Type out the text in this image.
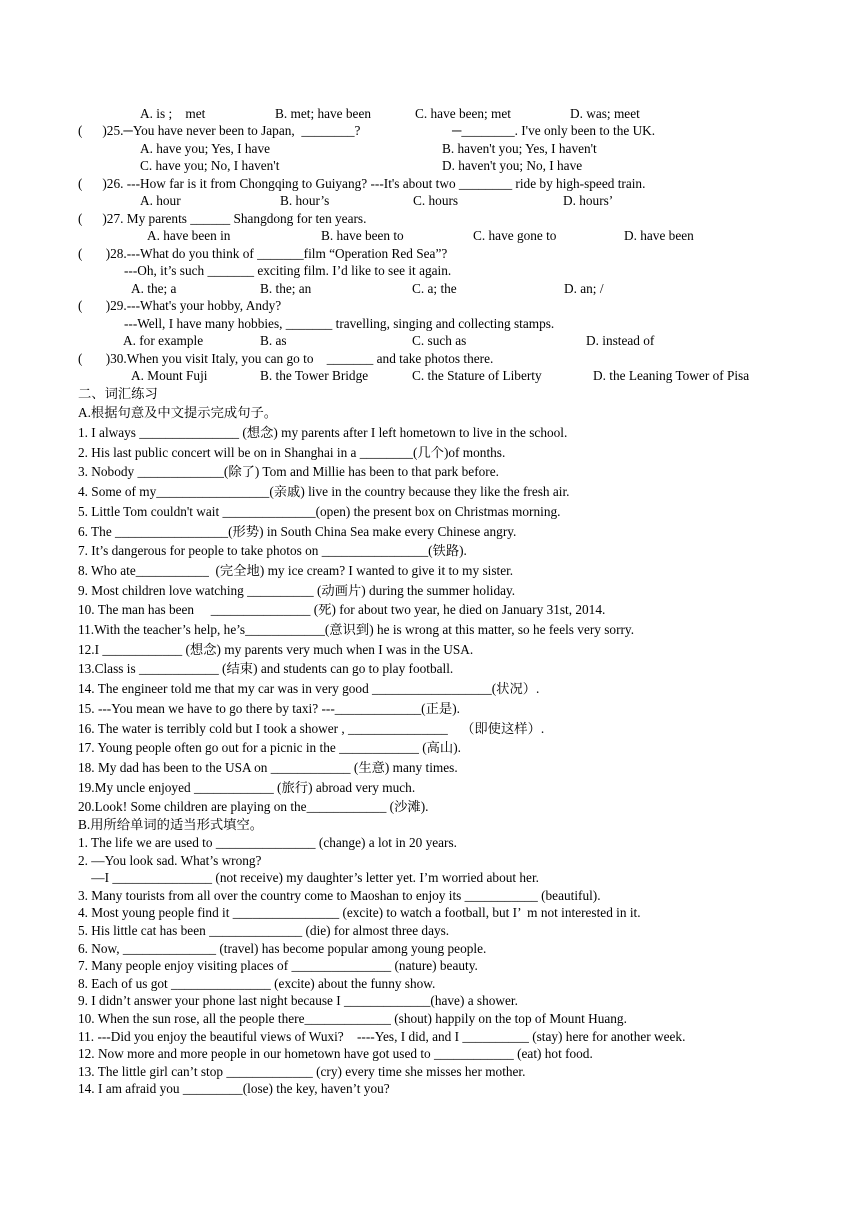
A. is ;    met	B. met; have been	C. have been; met	D. was; meet
(      )25.─You have never been to Japan,  ________?	─________. I've only been to the UK.
A. have you; Yes, I have	B. haven't you; Yes, I haven't
C. have you; No, I haven't	D. haven't you; No, I have
(      )26. ---How far is it from Chongqing to Guiyang? ---It's about two ________ ride by high-speed train.
A. hour	B. hour’s	C. hours	D. hours’
(      )27. My parents ______ Shangdong for ten years.
A. have been in	B. have been to	C. have gone to	D. have been
(       )28.---What do you think of _______film “Operation Red Sea”?
---Oh, it’s such _______ exciting film. I’d like to see it again.
A. the; a	B. the; an	C. a; the	D. an; /
(       )29.---What's your hobby, Andy?
---Well, I have many hobbies, _______ travelling, singing and collecting stamps.
A. for example	B. as	C. such as	D. instead of
(       )30.When you visit Italy, you can go to    _______ and take photos there.
A. Mount Fuji	B. the Tower Bridge	C. the Stature of Liberty	D. the Leaning Tower of Pisa
二、词汇练习
A.根据句意及中文提示完成句子。
1. I always _______________ (想念) my parents after I left hometown to live in the school.
2. His last public concert will be on in Shanghai in a ________(几个)of months.
3. Nobody _____________(除了) Tom and Millie has been to that park before.
4. Some of my_________________(亲戚) live in the country because they like the fresh air.
5. Little Tom couldn't wait ______________(open) the present box on Christmas morning.
6. The _________________(形势) in South China Sea make every Chinese angry.
7. It’s dangerous for people to take photos on ________________(铁路).
8. Who ate___________  (完全地) my ice cream? I wanted to give it to my sister.
9. Most children love watching __________ (动画片) during the summer holiday.
10. The man has been     _______________ (死) for about two year, he died on January 31st, 2014.
11.With the teacher’s help, he’s____________(意识到) he is wrong at this matter, so he feels very sorry.
12.I ____________ (想念) my parents very much when I was in the USA.
13.Class is ____________ (结束) and students can go to play football.
14. The engineer told me that my car was in very good __________________(状况）.
15. ---You mean we have to go there by taxi? ---_____________(正是).
16. The water is terribly cold but I took a shower , _______________    （即使这样）.
17. Young people often go out for a picnic in the ____________ (高山).
18. My dad has been to the USA on ____________ (生意) many times.
19.My uncle enjoyed ____________ (旅行) abroad very much.
20.Look! Some children are playing on the____________ (沙滩).
B.用所给单词的适当形式填空。
1. The life we are used to _______________ (change) a lot in 20 years.
2. —You look sad. What’s wrong?
—I _______________ (not receive) my daughter’s letter yet. I’m worried about her.
3. Many tourists from all over the country come to Maoshan to enjoy its ___________ (beautiful).
4. Most young people find it ________________ (excite) to watch a football, but I’  m not interested in it.
5. His little cat has been ______________ (die) for almost three days.
6. Now, ______________ (travel) has become popular among young people.
7. Many people enjoy visiting places of _______________ (nature) beauty.
8. Each of us got _______________ (excite) about the funny show.
9. I didn’t answer your phone last night because I _____________(have) a shower.
10. When the sun rose, all the people there_____________ (shout) happily on the top of Mount Huang.
11. ---Did you enjoy the beautiful views of Wuxi?    ----Yes, I did, and I __________ (stay) here for another week.
12. Now more and more people in our hometown have got used to ____________ (eat) hot food.
13. The little girl can’t stop _____________ (cry) every time she misses her mother.
14. I am afraid you _________(lose) the key, haven’t you?
